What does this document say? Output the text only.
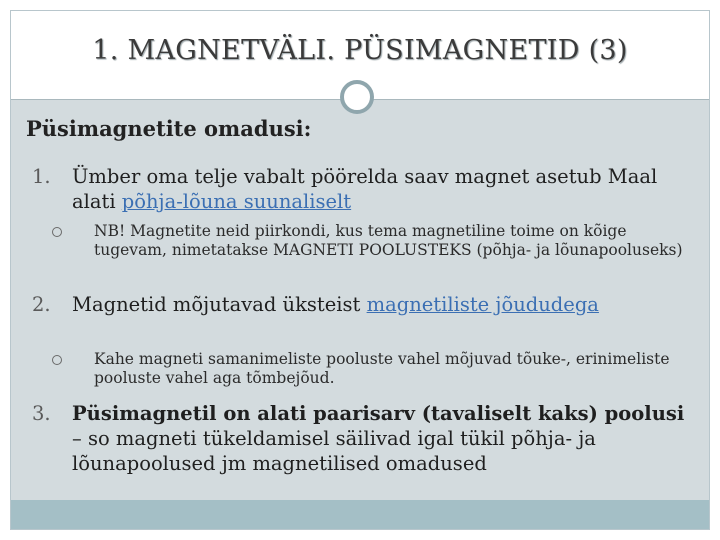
1. MAGNETVÄLI. PÜSIMAGNETID (3)
Püsimagnetite omadusi:
1.	Ümber oma telje vabalt pöörelda saav magnet asetub Maal alati põhja-lõuna suunaliselt
NB! Magnetite neid piirkondi, kus tema magnetiline toime on kõige tugevam, nimetatakse MAGNETI POOLUSTEKS (põhja- ja lõunapooluseks)
2.	Magnetid mõjutavad üksteist magnetiliste jõududega
Kahe magneti samanimeliste pooluste vahel mõjuvad tõuke-, erinimeliste pooluste vahel aga tõmbejõud.
3.	Püsimagnetil on alati paarisarv (tavaliselt kaks) poolusi – so magneti tükeldamisel säilivad igal tükil põhja- ja lõunapoolused jm magnetilised omadused
